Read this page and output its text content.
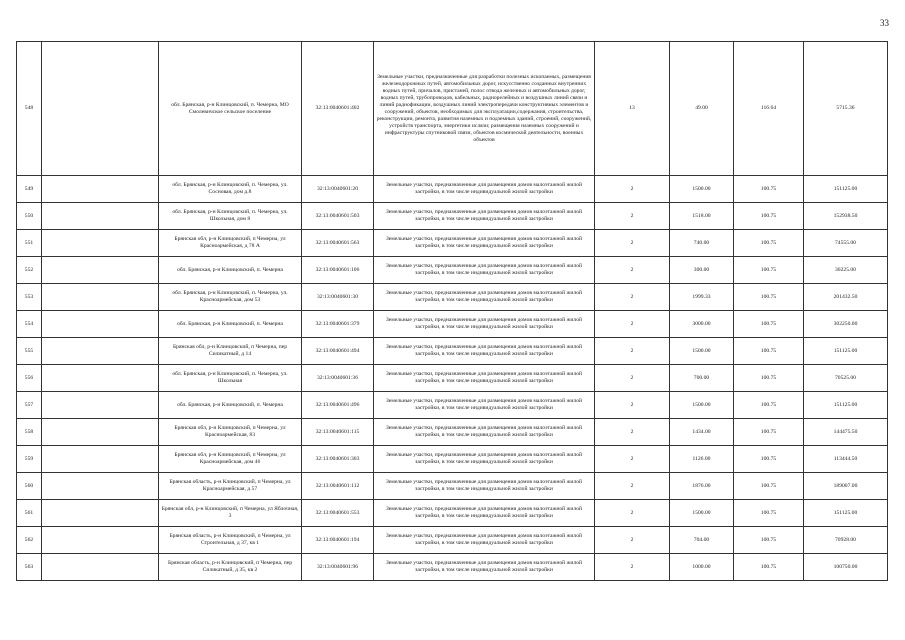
33
548		обл. Брянская, р-н Клинцовский, п. Чемерна, МО Смолевичское сельское поселение	32:13:0040601:402	Земельные участки, предназначенные для разработки полезных ископаемых, размещения железнодорожных путей, автомобильных дорог, искусственно созданных внутренних водных путей, причалов, пристаней, полос отвода железных и автомобильных дорог, водных путей, трубопроводов, кабельных, радиорелейных и воздушных линий связи и линий радиофикации, воздушных линий электропередачи конструктивных элементов и сооружений, объектов, необходимых для эксплуатации,содержания, строительства, реконструкции, ремонта, развития наземных и подземных зданий, строений, сооружений, устройств транспорта, энергетики ислязи; размещения наземных сооружений и инфраструктуры спутниковой связи, объектов космической деятельности, военных объектов	13	49.00	116.64	5715.36
549		обл. Брянская, р-н Клинцовский, п. Чемерна, ул. Сосновая, дом д.8	32:13:0040601:20	Земельные участки, предназначенные для размещения домов малоэтажной жилой застройки, в том числе индивидуальной жилой застройки	2	1500.00	100.75	151125.00
550		обл. Брянская, р-н Клинцовский, п. Чемерна, ул. Школьная, дом 8	32:13:0040601:503	Земельные участки, предназначенные для размещения домов малоэтажной жилой застройки, в том числе индивидуальной жилой застройки	2	1518.00	100.75	152938.50
551		Брянская обл, р-н Клинцовский, п Чемерна, ул Красноармейская, д 78 А	32:13:0040601:563	Земельные участки, предназначенные для размещения домов малоэтажной жилой застройки, в том числе индивидуальной жилой застройки	2	740.00	100.75	74555.00
552		обл. Брянская, р-н Клинцовский, п. Чемерна	32:13:0040601:106	Земельные участки, предназначенные для размещения домов малоэтажной жилой застройки, в том числе индивидуальной жилой застройки	2	300.00	100.75	30225.00
553		обл. Брянская, р-н Клинцовский, п. Чемерна, ул. Красноармейская, дом 53	32:13:0040601:30	Земельные участки, предназначенные для размещения домов малоэтажной жилой застройки, в том числе индивидуальной жилой застройки	2	1999.33	100.75	201432.50
554		обл. Брянская, р-н Клинцовский, п. Чемерна	32:13:0040601:379	Земельные участки, предназначенные для размещения домов малоэтажной жилой застройки, в том числе индивидуальной жилой застройки	2	3000.00	100.75	302250.00
555		Брянская обл, р-н Клинцовский, п Чемерна, пер Силикатный, д 14	32:13:0040601:494	Земельные участки, предназначенные для размещения домов малоэтажной жилой застройки, в том числе индивидуальной жилой застройки	2	1500.00	100.75	151125.00
556		обл. Брянская, р-н Клинцовский, п. Чемерна, ул. Школьная	32:13:0040601:36	Земельные участки, предназначенные для размещения домов малоэтажной жилой застройки, в том числе индивидуальной жилой застройки	2	700.00	100.75	70525.00
557		обл. Брянская, р-н Клинцовский, п. Чемерна	32:13:0040601:496	Земельные участки, предназначенные для размещения домов малоэтажной жилой застройки, в том числе индивидуальной жилой застройки	2	1500.00	100.75	151125.00
558		Брянская обл, р-н Клинцовский, п Чемерна, ул Красноармейская, 83	32:13:0040601:115	Земельные участки, предназначенные для размещения домов малоэтажной жилой застройки, в том числе индивидуальной жилой застройки	2	1434.00	100.75	144475.50
559		Брянская обл, р-н Клинцовский, п Чемерна, ул Красноармейская, дом 46	32:13:0040601:303	Земельные участки, предназначенные для размещения домов малоэтажной жилой застройки, в том числе индивидуальной жилой застройки	2	1126.00	100.75	113444.50
560		Брянская область, р-н Клинцовский, п Чемерна, ул Красноармейская, д 57	32:13:0040601:112	Земельные участки, предназначенные для размещения домов малоэтажной жилой застройки, в том числе индивидуальной жилой застройки	2	1876.00	100.75	189007.00
561		Брянская обл, р-н Клинцовский, п Чемерна, ул Яблочная, 3	32:13:0040601:553	Земельные участки, предназначенные для размещения домов малоэтажной жилой застройки, в том числе индивидуальной жилой застройки	2	1500.00	100.75	151125.00
562		Брянская область, р-н Клинцовский, п Чемерна, ул Строительная, д 37, кв 1	32:13:0040601:194	Земельные участки, предназначенные для размещения домов малоэтажной жилой застройки, в том числе индивидуальной жилой застройки	2	704.00	100.75	70928.00
563		Брянская область, р-н Клинцовский, п Чемерна, пер Силикатный, д 35, кв 2	32:13:0040601:96	Земельные участки, предназначенные для размещения домов малоэтажной жилой застройки, в том числе индивидуальной жилой застройки	2	1000.00	100.75	100750.00
